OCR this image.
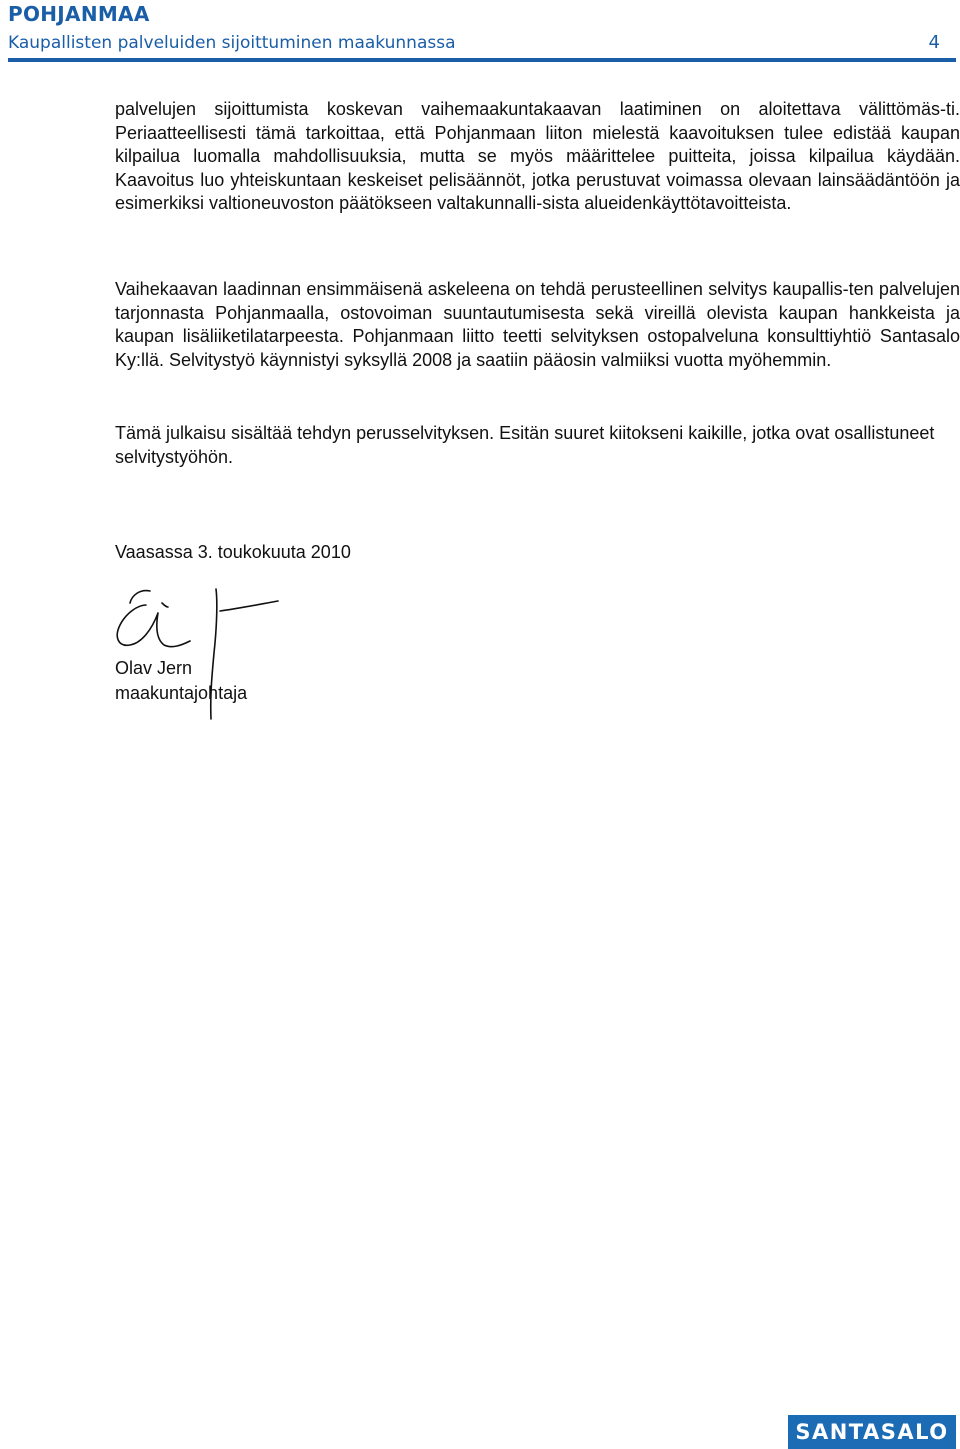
POHJANMAA
Kaupallisten palveluiden sijoittuminen maakunnassa	4

palvelujen sijoittumista koskevan vaihemaakuntakaavan laatiminen on aloitettava välittömäs-ti. Periaatteellisesti tämä tarkoittaa, että Pohjanmaan liiton mielestä kaavoituksen tulee edistää kaupan kilpailua luomalla mahdollisuuksia, mutta se myös määrittelee puitteita, joissa kilpailua käydään. Kaavoitus luo yhteiskuntaan keskeiset pelisäännöt, jotka perustuvat voimassa olevaan lainsäädäntöön ja esimerkiksi valtioneuvoston päätökseen valtakunnalli-sista alueidenkäyttötavoitteista.

Vaihekaavan laadinnan ensimmäisenä askeleena on tehdä perusteellinen selvitys kaupallis-ten palvelujen tarjonnasta Pohjanmaalla, ostovoiman suuntautumisesta sekä vireillä olevista kaupan hankkeista ja kaupan lisäliiketilatarpeesta. Pohjanmaan liitto teetti selvityksen ostopalveluna konsulttiyhtiö Santasalo Ky:llä. Selvitystyö käynnistyi syksyllä 2008 ja saatiin pääosin valmiiksi vuotta myöhemmin.

Tämä julkaisu sisältää tehdyn perusselvityksen. Esitän suuret kiitokseni kaikille, jotka ovat osallistuneet selvitystyöhön.

Vaasassa 3. toukokuuta 2010
Olav Jern
maakuntajohtaja
SANTASALO
